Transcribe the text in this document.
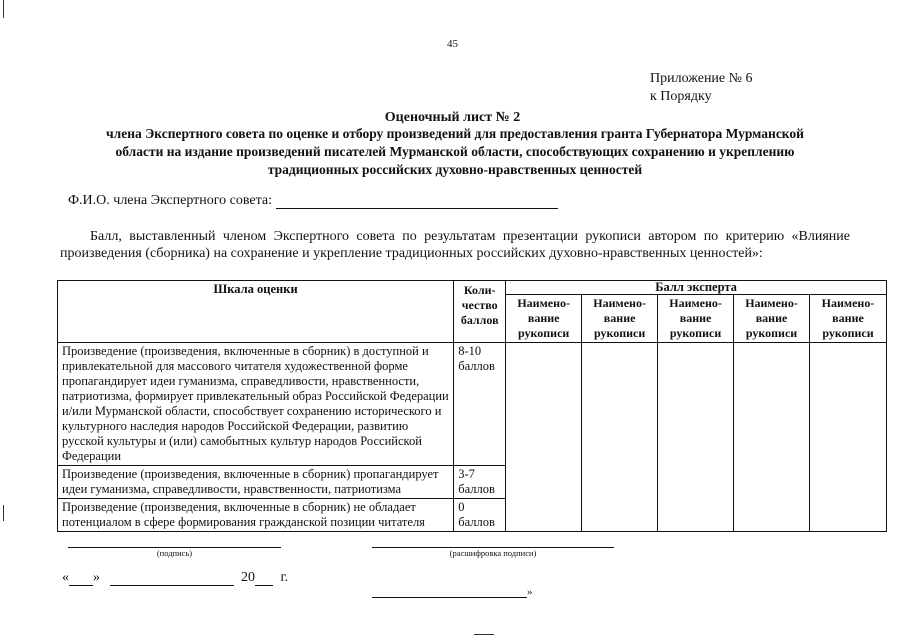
45
Приложение № 6
к Порядку
Оценочный лист № 2
члена Экспертного совета по оценке и отбору произведений для предоставления гранта Губернатора Мурманской
области на издание произведений писателей Мурманской области, способствующих сохранению и укреплению
традиционных российских духовно-нравственных ценностей
Ф.И.О. члена Экспертного совета:
Балл, выставленный членом Экспертного совета по результатам презентации рукописи автором по критерию «Влияние произведения (сборника) на сохранение и укрепление традиционных российских духовно-нравственных ценностей»:
Шкала оценки	Коли-чество баллов	Балл эксперта				
		Наимено-вание рукописи	Наимено-вание рукописи	Наимено-вание рукописи	Наимено-вание рукописи	Наимено-вание рукописи
Произведение (произведения, включенные в сборник) в доступной и привлекательной для массового читателя художественной форме пропагандирует идеи гуманизма, справедливости, нравственности, патриотизма, формирует привлекательный образ Российской Федерации и/или Мурманской области, способствует сохранению исторического и культурного наследия народов Российской Федерации, развитию русской культуры и (или) самобытных культур народов Российской Федерации	8-10 баллов					
Произведение (произведения, включенные в сборник) пропагандирует идеи гуманизма, справедливости, нравственности, патриотизма	3-7 баллов					
Произведение (произведения, включенные в сборник) не обладает потенциалом в сфере формирования гражданской позиции читателя	0 баллов					
(подпись)	(расшифровка подписи)
« »	20 г.
»
